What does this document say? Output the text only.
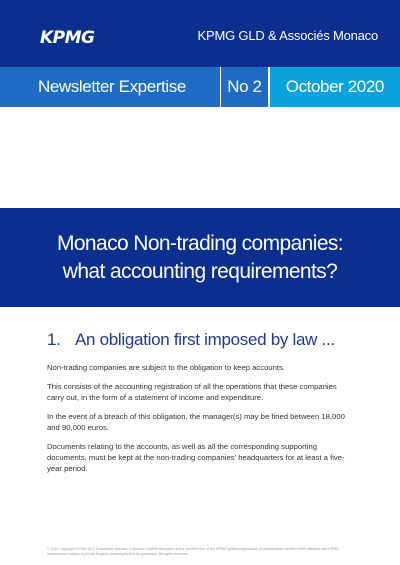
KPMG	KPMG GLD & Associés Monaco
Newsletter Expertise No 2 October 2020
Monaco Non-trading companies:
what accounting requirements?
1. An obligation first imposed by law ...

Non-trading companies are subject to the obligation to keep accounts.

This consists of the accounting registration of all the operations that these companies carry out, in the form of a statement of income and expenditure.

In the event of a breach of this obligation, the manager(s) may be fined between 18,000 and 90,000 euros.

Documents relating to the accounts, as well as all the corresponding supporting documents, must be kept at the non-trading companies' headquarters for at least a five-year period.

© 2020 Copyright KPMG GLD & Associés Monaco, a Monaco Société Anonyme and a member firm of the KPMG global organization of independent member firms affiliated with KPMG International Limited, a private English company limited by guarantee. All rights reserved.
